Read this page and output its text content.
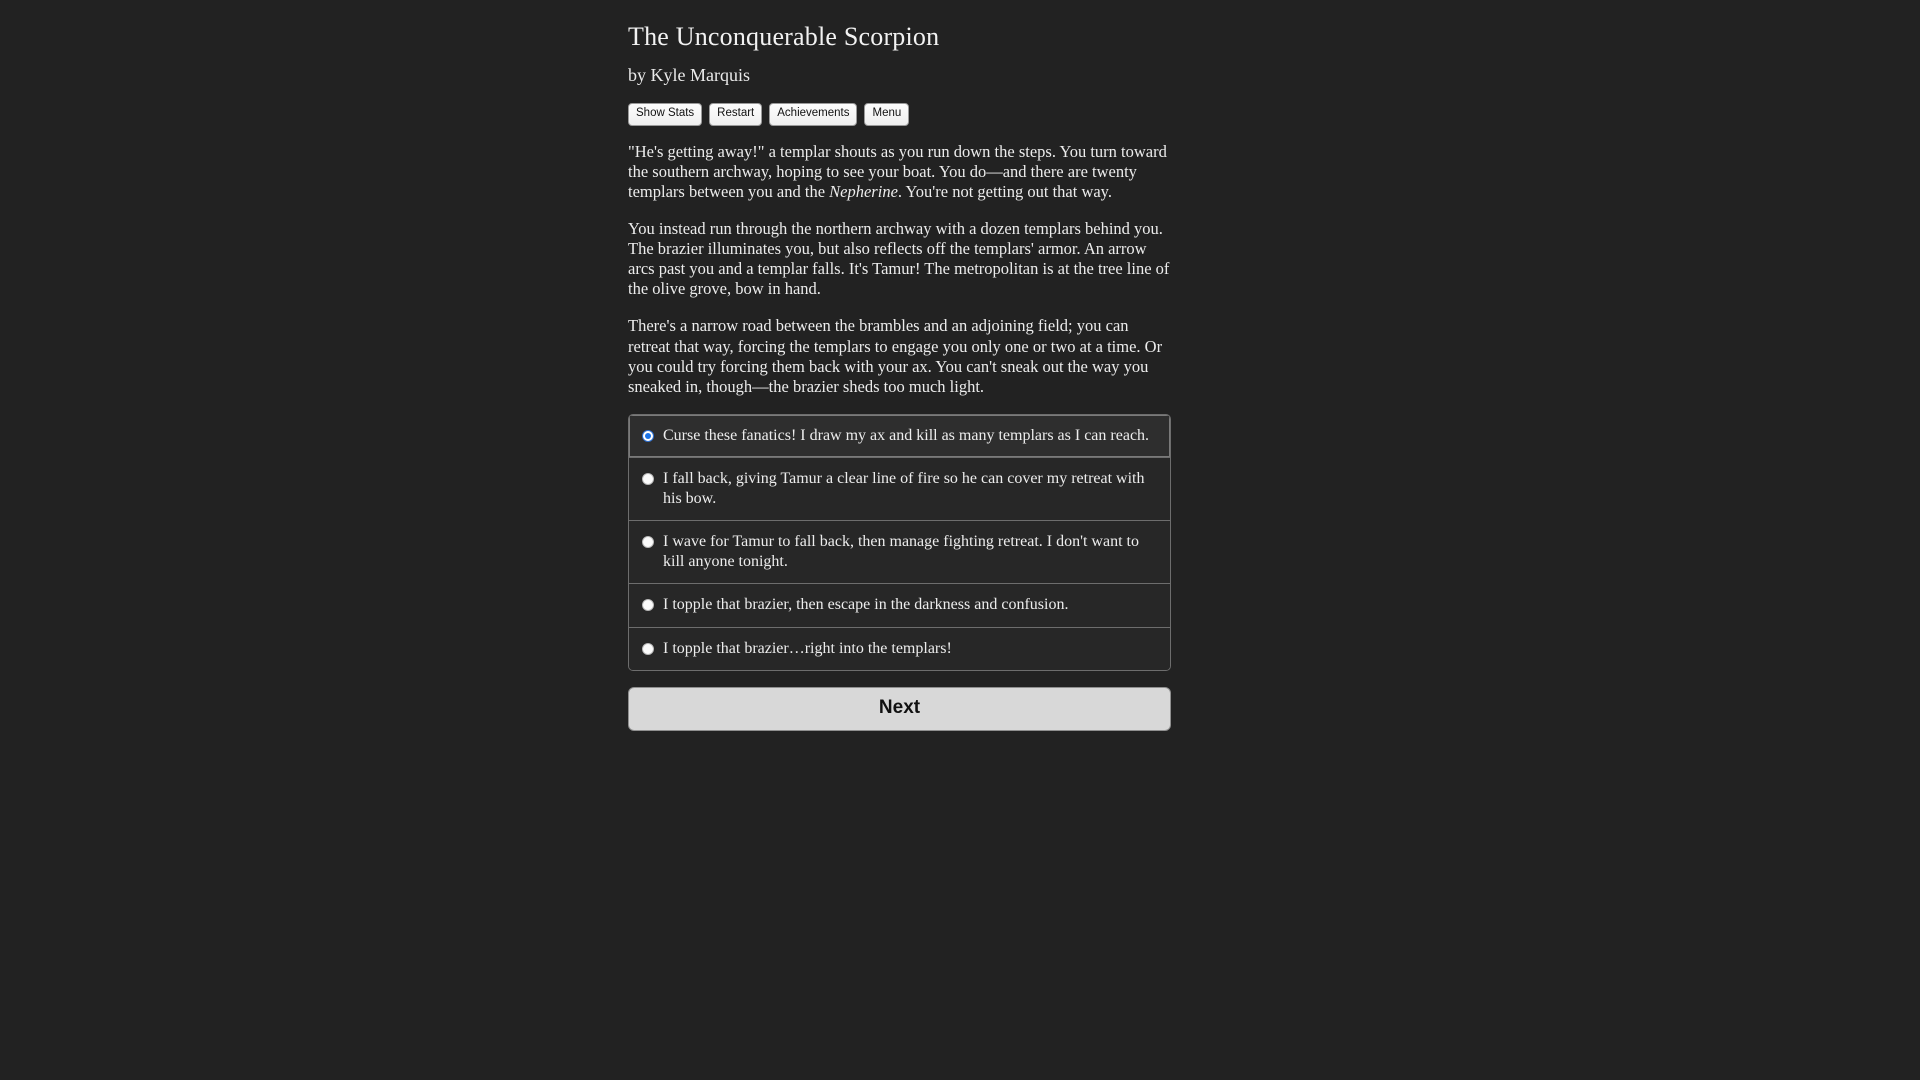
The Unconquerable Scorpion
by Kyle Marquis
Show Stats	Restart	Achievements	Menu

"He's getting away!" a templar shouts as you run down the steps. You turn toward the southern archway, hoping to see your boat. You do—and there are twenty templars between you and the Nepherine. You're not getting out that way.

You instead run through the northern archway with a dozen templars behind you. The brazier illuminates you, but also reflects off the templars' armor. An arrow arcs past you and a templar falls. It's Tamur! The metropolitan is at the tree line of the olive grove, bow in hand.

There's a narrow road between the brambles and an adjoining field; you can retreat that way, forcing the templars to engage you only one or two at a time. Or you could try forcing them back with your ax. You can't sneak out the way you sneaked in, though—the brazier sheds too much light.

Curse these fanatics! I draw my ax and kill as many templars as I can reach.
I fall back, giving Tamur a clear line of fire so he can cover my retreat with his bow.
I wave for Tamur to fall back, then manage fighting retreat. I don't want to kill anyone tonight.
I topple that brazier, then escape in the darkness and confusion.
I topple that brazier…right into the templars!
Next
